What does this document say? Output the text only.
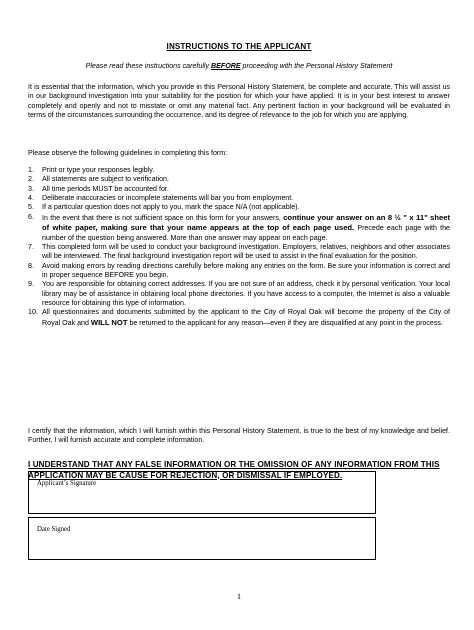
INSTRUCTIONS TO THE APPLICANT
Please read these instructions carefully BEFORE proceeding with the Personal History Statement
It is essential that the information, which you provide in this Personal History Statement, be complete and accurate. This will assist us in our background investigation into your suitability for the position for which your have applied. It is in your best interest to answer completely and openly and not to misstate or omit any material fact. Any pertinent faction in your background will be evaluated in terms of the circumstances surrounding the occurrence, and its degree of relevance to the job for which you are applying.
Please observe the following guidelines in completing this form:
1. Print or type your responses legibly.
2. All statements are subject to verification.
3. All time periods MUST be accounted for.
4. Deliberate inaccuracies or incomplete statements will bar you from employment.
5. If a particular question does not apply to you, mark the space N/A (not applicable).
6. In the event that there is not sufficient space on this form for your answers, continue your answer on an 8 ½ " x 11" sheet of white paper, making sure that your name appears at the top of each page used. Precede each page with the number of the question being answered. More than one answer may appear on each page.
7. This completed form will be used to conduct your background investigation. Employers, relatives, neighbors and other associates will be interviewed. The final background investigation report will be used to assist in the final evaluation for the position.
8. Avoid making errors by reading directions carefully before making any entries on the form. Be sure your information is correct and in proper sequence BEFORE you begin.
9. You are responsible for obtaining correct addresses. If you are not sure of an address, check it by personal verification. Your local library may be of assistance in obtaining local phone directories. If you have access to a computer, the Internet is also a valuable resource for obtaining this type of information.
10. All questionnaires and documents submitted by the applicant to the City of Royal Oak will become the property of the City of Royal Oak and WILL NOT be returned to the applicant for any reason—even if they are disqualified at any point in the process.
I certify that the information, which I will furnish within this Personal History Statement, is true to the best of my knowledge and belief. Further, I will furnish accurate and complete information.
I UNDERSTAND THAT ANY FALSE INFORMATION OR THE OMISSION OF ANY INFORMATION FROM THIS APPLICATION MAY BE CAUSE FOR REJECTION, OR DISMISSAL IF EMPLOYED.
Applicant’s Signature
Date Signed
1
